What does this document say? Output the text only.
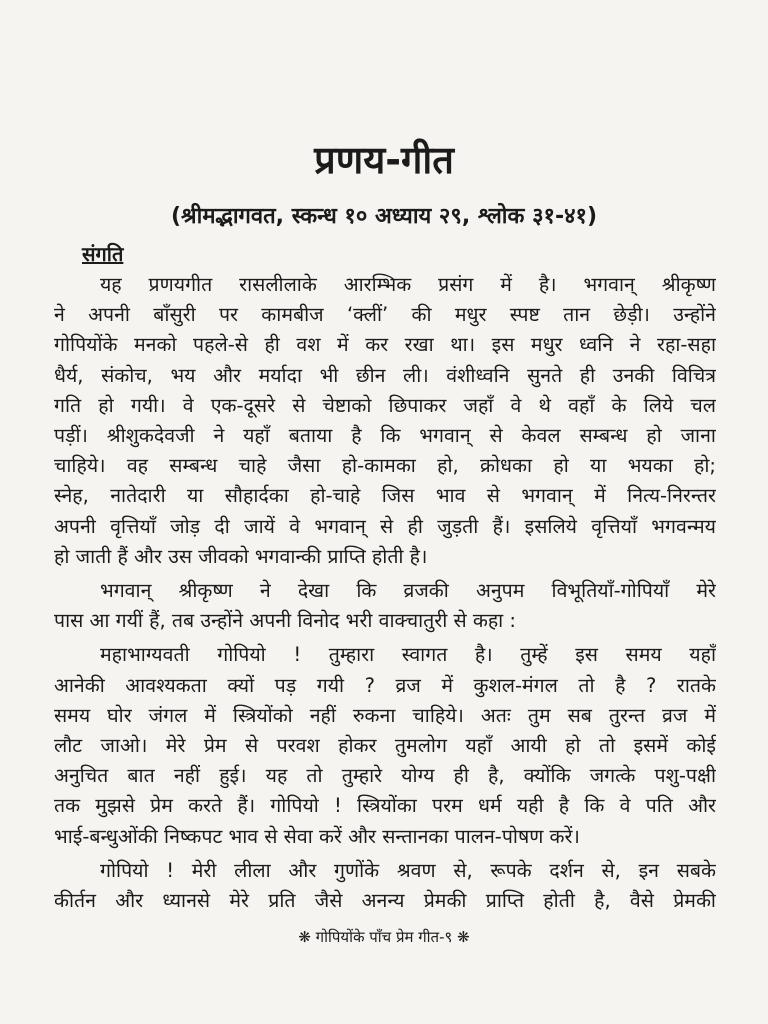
प्रणय-गीत

(श्रीमद्भागवत, स्कन्ध १० अध्याय २९, श्लोक ३१-४१)

संगति
यह प्रणयगीत रासलीलाके आरम्भिक प्रसंग में है। भगवान् श्रीकृष्ण
ने अपनी बाँसुरी पर कामबीज ‘क्लीं’ की मधुर स्पष्ट तान छेड़ी। उन्होंने
गोपियोंके मनको पहले-से ही वश में कर रखा था। इस मधुर ध्वनि ने रहा-सहा
धैर्य, संकोच, भय और मर्यादा भी छीन ली। वंशीध्वनि सुनते ही उनकी विचित्र
गति हो गयी। वे एक-दूसरे से चेष्टाको छिपाकर जहाँ वे थे वहाँ के लिये चल
पड़ीं। श्रीशुकदेवजी ने यहाँ बताया है कि भगवान् से केवल सम्बन्ध हो जाना
चाहिये। वह सम्बन्ध चाहे जैसा हो-कामका हो, क्रोधका हो या भयका हो;
स्नेह, नातेदारी या सौहार्दका हो-चाहे जिस भाव से भगवान् में नित्य-निरन्तर
अपनी वृत्तियाँ जोड़ दी जायें वे भगवान् से ही जुड़ती हैं। इसलिये वृत्तियाँ भगवन्मय
हो जाती हैं और उस जीवको भगवान्की प्राप्ति होती है।
भगवान् श्रीकृष्ण ने देखा कि व्रजकी अनुपम विभूतियाँ-गोपियाँ मेरे
पास आ गयीं हैं, तब उन्होंने अपनी विनोद भरी वाक्चातुरी से कहा :
महाभाग्यवती गोपियो ! तुम्हारा स्वागत है। तुम्हें इस समय यहाँ
आनेकी आवश्यकता क्यों पड़ गयी ? व्रज में कुशल-मंगल तो है ? रातके
समय घोर जंगल में स्त्रियोंको नहीं रुकना चाहिये। अतः तुम सब तुरन्त व्रज में
लौट जाओ। मेरे प्रेम से परवश होकर तुमलोग यहाँ आयी हो तो इसमें कोई
अनुचित बात नहीं हुई। यह तो तुम्हारे योग्य ही है, क्योंकि जगत्के पशु-पक्षी
तक मुझसे प्रेम करते हैं। गोपियो ! स्त्रियोंका परम धर्म यही है कि वे पति और
भाई-बन्धुओंकी निष्कपट भाव से सेवा करें और सन्तानका पालन-पोषण करें।
गोपियो ! मेरी लीला और गुणोंके श्रवण से, रूपके दर्शन से, इन सबके
कीर्तन और ध्यानसे मेरे प्रति जैसे अनन्य प्रेमकी प्राप्ति होती है, वैसे प्रेमकी

❋ गोपियोंके पाँच प्रेम गीत-९ ❋
